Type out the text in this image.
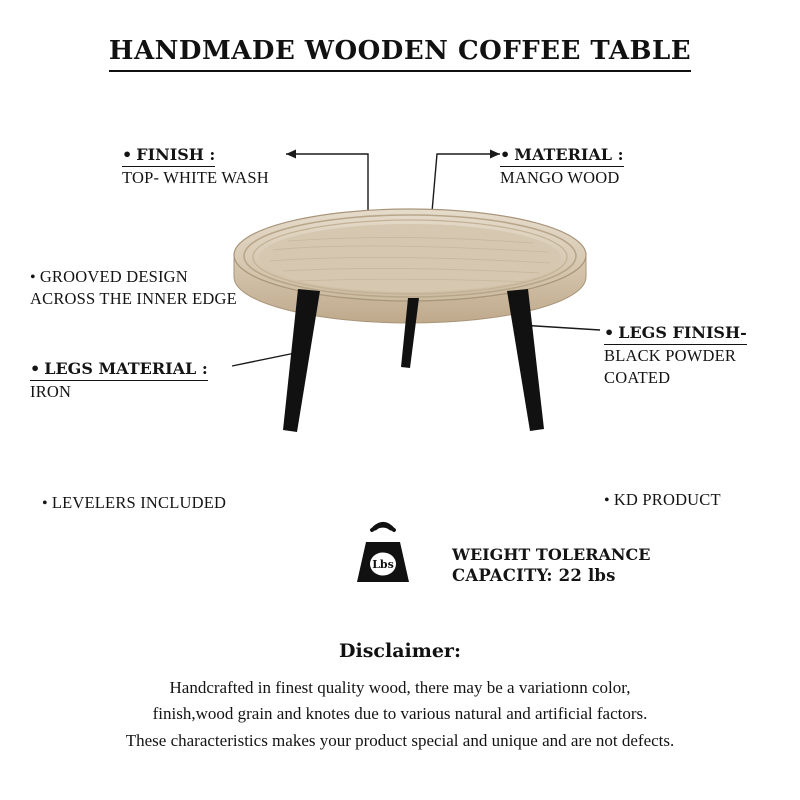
HANDMADE WOODEN COFFEE TABLE
• FINISH :
TOP- WHITE WASH
• MATERIAL :
MANGO WOOD
• GROOVED DESIGN
ACROSS THE INNER EDGE
• LEGS MATERIAL :
IRON
• LEGS FINISH-
BLACK POWDER
COATED
• LEVELERS INCLUDED	• KD PRODUCT
Lbs
WEIGHT TOLERANCE
CAPACITY: 22 lbs
Disclaimer:
Handcrafted in finest quality wood, there may be a variationn color,
finish,wood grain and knotes due to various natural and artificial factors.
These characteristics makes your product special and unique and are not defects.
